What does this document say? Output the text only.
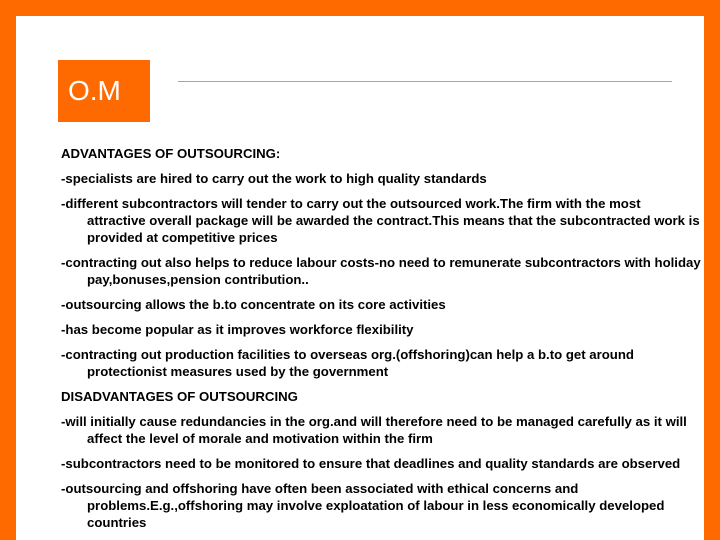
O.M

ADVANTAGES OF OUTSOURCING:

-specialists are hired to carry out the work to high quality standards

-different subcontractors will tender to carry out the outsourced work.The firm with the most attractive overall package will be awarded the contract.This means that the subcontracted work is provided at competitive prices

-contracting out also helps to reduce labour costs-no need to remunerate subcontractors with holiday pay,bonuses,pension contribution..

-outsourcing allows the b.to concentrate on its core activities

-has become popular as it improves workforce flexibility

-contracting out production facilities to overseas org.(offshoring)can help a b.to get around protectionist measures used by the government

DISADVANTAGES OF OUTSOURCING

-will initially cause redundancies in the org.and will therefore need to be managed carefully as it will affect the level of morale and motivation within the firm

-subcontractors need to be monitored to ensure that deadlines and quality standards are observed

-outsourcing and offshoring have often been associated with ethical concerns and problems.E.g.,offshoring may involve exploatation of labour in less economically developed countries
